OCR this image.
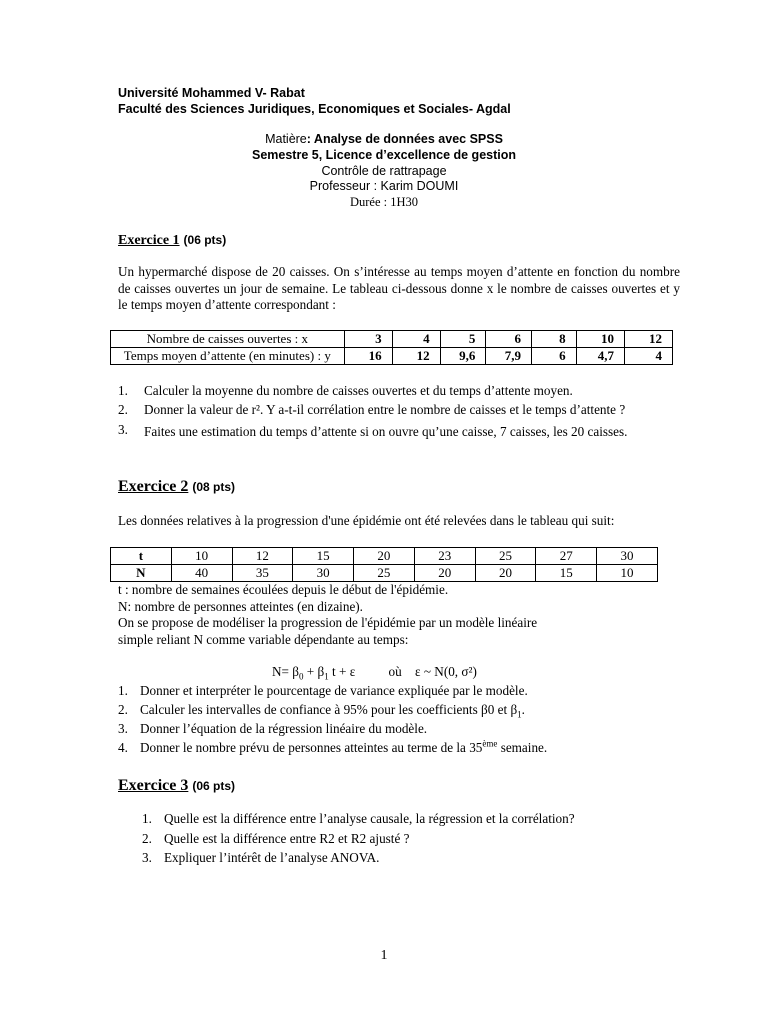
Université Mohammed V- Rabat
Faculté des Sciences Juridiques, Economiques et Sociales- Agdal
Matière: Analyse de données avec SPSS
Semestre 5, Licence d’excellence de gestion
Contrôle de rattrapage
Professeur : Karim DOUMI
Durée : 1H30
Exercice 1 (06 pts)
Un hypermarché dispose de 20 caisses. On s’intéresse au temps moyen d’attente en fonction du nombre de caisses ouvertes un jour de semaine. Le tableau ci-dessous donne x le nombre de caisses ouvertes et y le temps moyen d’attente correspondant :
Nombre de caisses ouvertes : x	3	4	5	6	8	10	12
Temps moyen d’attente (en minutes) : y	16	12	9,6	7,9	6	4,7	4
1. Calculer la moyenne du nombre de caisses ouvertes et du temps d’attente moyen.
2. Donner la valeur de r². Y a-t-il corrélation entre le nombre de caisses et le temps d’attente ?
3. Faites une estimation du temps d’attente si on ouvre qu’une caisse, 7 caisses, les 20 caisses.
Exercice 2 (08 pts)
Les données relatives à la progression d'une épidémie ont été relevées dans le tableau qui suit:
t	10	12	15	20	23	25	27	30
N	40	35	30	25	20	20	15	10
t : nombre de semaines écoulées depuis le début de l'épidémie.
N: nombre de personnes atteintes (en dizaine).
On se propose de modéliser la progression de l'épidémie par un modèle linéaire
simple reliant N comme variable dépendante au temps:
$N= \beta_0 + \beta_1$ t + ε	où ε ~ N(0, σ²)
1. Donner et interpréter le pourcentage de variance expliquée par le modèle.
2. Calculer les intervalles de confiance à 95% pour les coefficients β0 et $\beta_1$.
3. Donner l’équation de la régression linéaire du modèle.
4. Donner le nombre prévu de personnes atteintes au terme de la 35ème semaine.
Exercice 3 (06 pts)
1. Quelle est la différence entre l’analyse causale, la régression et la corrélation?
2. Quelle est la différence entre R2 et R2 ajusté ?
3. Expliquer l’intérêt de l’analyse ANOVA.
1
